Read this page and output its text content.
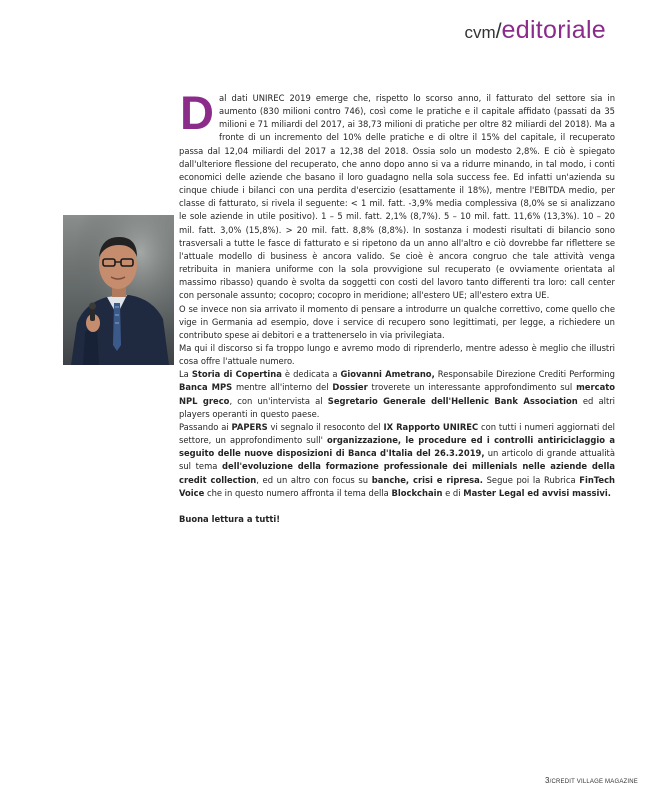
cvm/editoriale
D al dati UNIREC 2019 emerge che, rispetto lo scorso anno, il fatturato del settore sia in aumento (830 milioni contro 746), così come le pratiche e il capitale affidato (passati da 35 milioni e 71 miliardi del 2017, ai 38,73 milioni di pratiche per oltre 82 miliardi del 2018). Ma a fronte di un incremento del 10% delle pratiche e di oltre il 15% del capitale, il recuperato passa dal 12,04 miliardi del 2017 a 12,38 del 2018. Ossia solo un modesto 2,8%. E ciò è spiegato dall'ulteriore flessione del recuperato, che anno dopo anno si va a ridurre minando, in tal modo, i conti economici delle aziende che basano il loro guadagno nella sola success fee. Ed infatti un'azienda su cinque chiude i bilanci con una perdita d'esercizio (esattamente il 18%), mentre l'EBITDA medio, per classe di fatturato, si rivela il seguente: < 1 mil. fatt. -3,9% media complessiva (8,0% se si analizzano le sole aziende in utile positivo). 1 – 5 mil. fatt. 2,1% (8,7%). 5 – 10 mil. fatt. 11,6% (13,3%). 10 – 20 mil. fatt. 3,0% (15,8%). > 20 mil. fatt. 8,8% (8,8%). In sostanza i modesti risultati di bilancio sono trasversali a tutte le fasce di fatturato e si ripetono da un anno all'altro e ciò dovrebbe far riflettere se l'attuale modello di business è ancora valido. Se cioè è ancora congruo che tale attività venga retribuita in maniera uniforme con la sola provvigione sul recuperato (e ovviamente orientata al massimo ribasso) quando è svolta da soggetti con costi del lavoro tanto differenti tra loro: call center con personale assunto; cocopro; cocopro in meridione; all'estero UE; all'estero extra UE.

O se invece non sia arrivato il momento di pensare a introdurre un qualche correttivo, come quello che vige in Germania ad esempio, dove i service di recupero sono legittimati, per legge, a richiedere un contributo spese ai debitori e a trattenerselo in via privilegiata.

Ma qui il discorso si fa troppo lungo e avremo modo di riprenderlo, mentre adesso è meglio che illustri cosa offre l'attuale numero.

La Storia di Copertina è dedicata a Giovanni Ametrano, Responsabile Direzione Crediti Performing Banca MPS mentre all'interno del Dossier troverete un interessante approfondimento sul mercato NPL greco, con un'intervista al Segretario Generale dell'Hellenic Bank Association ed altri players operanti in questo paese.

Passando ai PAPERS vi segnalo il resoconto del IX Rapporto UNIREC con tutti i numeri aggiornati del settore, un approfondimento sull' organizzazione, le procedure ed i controlli antiriciclaggio a seguito delle nuove disposizioni di Banca d'Italia del 26.3.2019, un articolo di grande attualità sul tema dell'evoluzione della formazione professionale dei millenials nelle aziende della credit collection, ed un altro con focus su banche, crisi e ripresa. Segue poi la Rubrica FinTech Voice che in questo numero affronta il tema della Blockchain e di Master Legal ed avvisi massivi.

Buona lettura a tutti!

3/CREDIT VILLAGE MAGAZINE
